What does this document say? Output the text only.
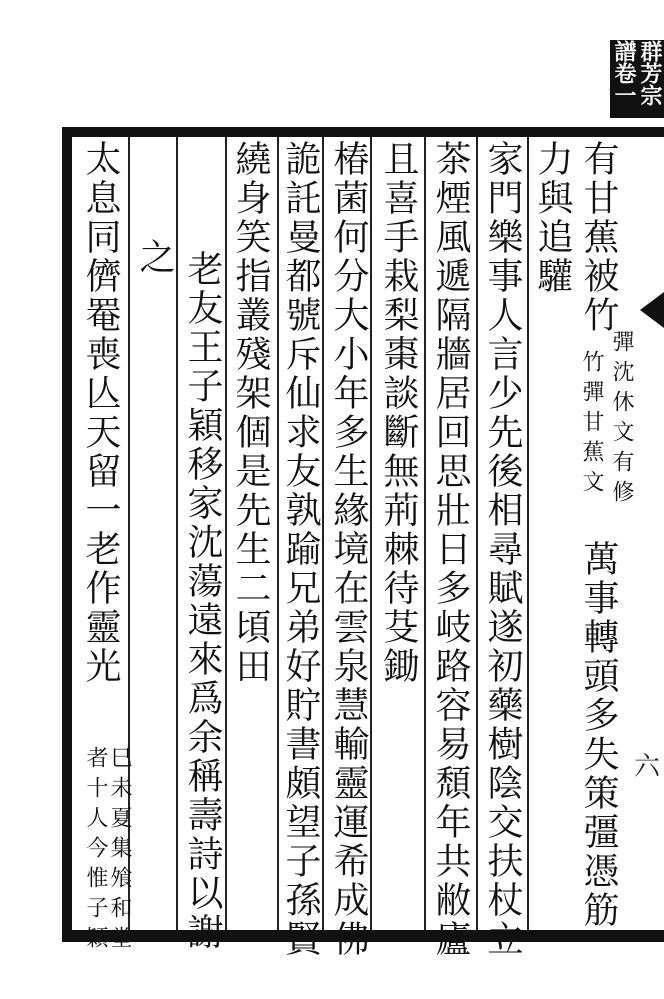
群芳宗譜卷一
六
有甘蕉被竹
彈沈休文有修
竹彈甘蕉文
萬事轉頭多失策彊憑筋
力與追驩
家門樂事人言少先後相尋賦遂初藥樹陰交扶杖立
茶煙風遞隔牆居回思壯日多岐路容易頹年共敝廬
且喜手栽梨棗談斷無荊棘待芟鋤
椿菌何分大小年多生緣境在雲泉慧輸靈運希成佛
詭託曼都號斥仙求友孰踰兄弟好貯書頗望子孫賢
繞身笑指叢殘架個是先生二頃田
老友王子穎移家沈蕩遠來爲余稱壽詩以謝
之
太息同儕罨喪亾天留一老作靈光
巳未夏集飧和堂
者十人今惟子穎
